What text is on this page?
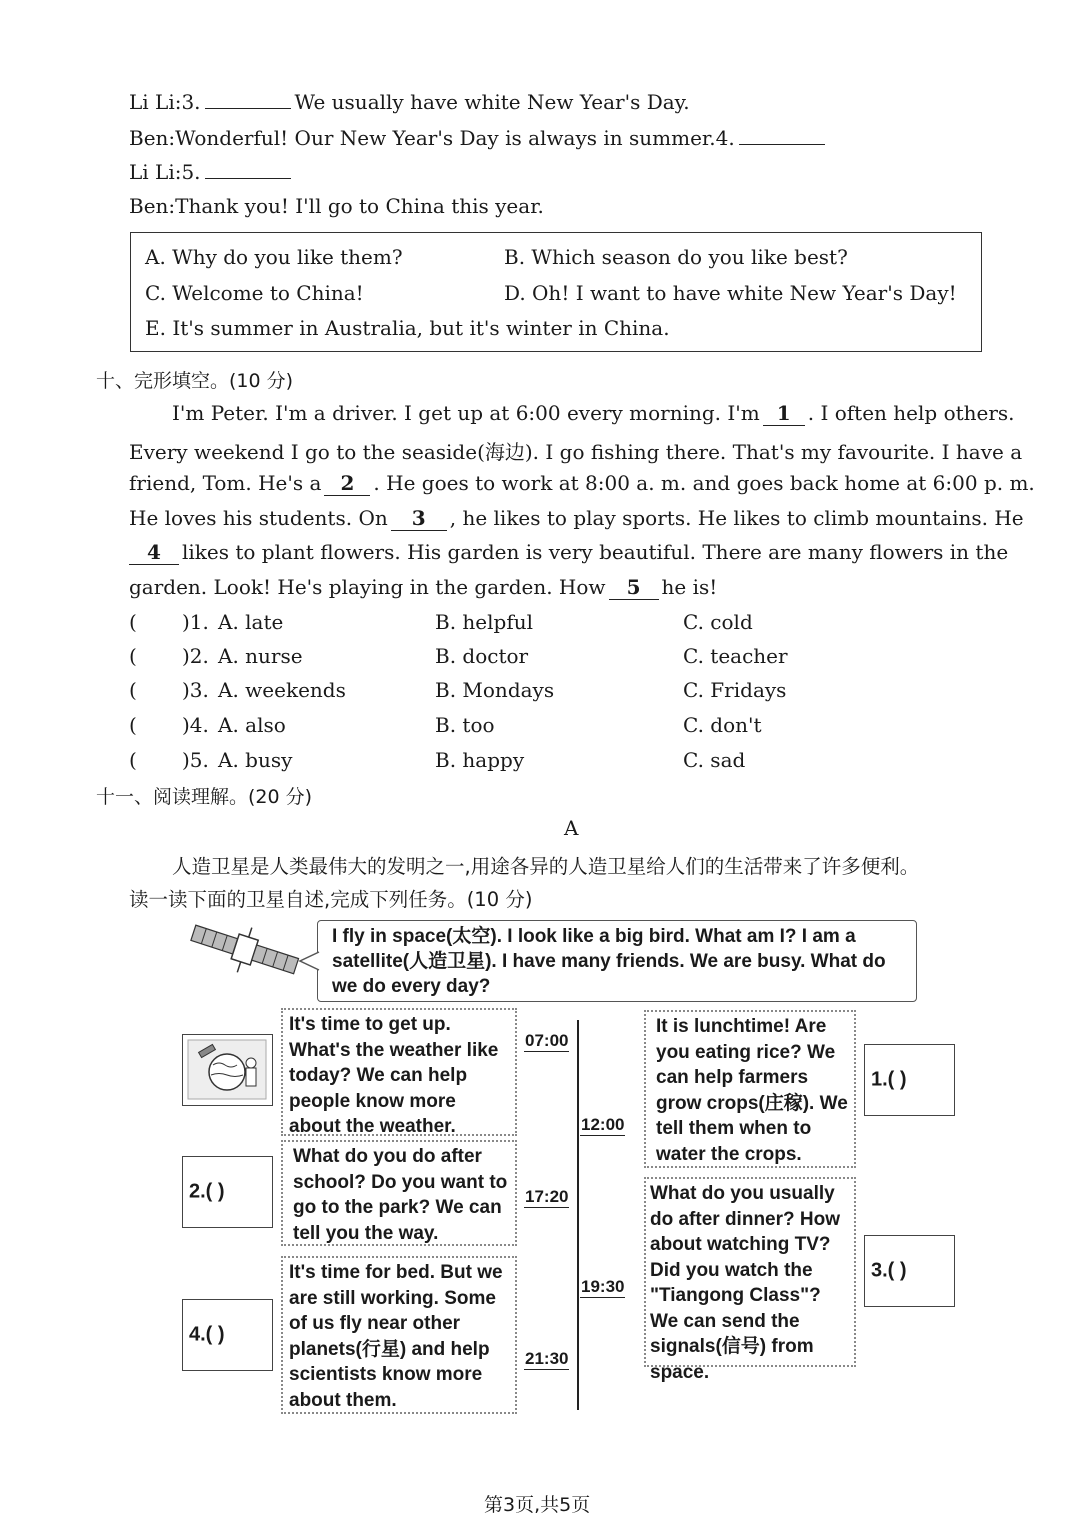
Li Li:3.	We usually have white New Year's Day.
Ben:Wonderful! Our New Year's Day is always in summer.4.
Li Li:5.
Ben:Thank you! I'll go to China this year.
A. Why do you like them?	B. Which season do you like best?
C. Welcome to China!	D. Oh! I want to have white New Year's Day!
E. It's summer in Australia, but it's winter in China.
十、完形填空。(10 分)
I'm Peter. I'm a driver. I get up at 6:00 every morning. I'm 1 . I often help others.
Every weekend I go to the seaside(海边). I go fishing there. That's my favourite. I have a
friend, Tom. He's a 2 . He goes to work at 8:00 a. m. and goes back home at 6:00 p. m.
He loves his students. On 3 , he likes to play sports. He likes to climb mountains. He
4 likes to plant flowers. His garden is very beautiful. There are many flowers in the
garden. Look! He's playing in the garden. How 5 he is!
( )1. A. late	B. helpful	C. cold
( )2. A. nurse	B. doctor	C. teacher
( )3. A. weekends	B. Mondays	C. Fridays
( )4. A. also	B. too	C. don't
( )5. A. busy	B. happy	C. sad
十一、阅读理解。(20 分)
A
人造卫星是人类最伟大的发明之一,用途各异的人造卫星给人们的生活带来了许多便利。
读一读下面的卫星自述,完成下列任务。(10 分)
I fly in space(太空). I look like a big bird. What am I? I am a satellite(人造卫星). I have many friends. We are busy. What do we do every day?
1.( )
2.( )
3.( )
4.( )
It's time to get up. What's the weather like today? We can help people know more about the weather.
What do you do after school? Do you want to go to the park? We can tell you the way.
It's time for bed. But we are still working. Some of us fly near other planets(行星) and help scientists know more about them.
It is lunchtime! Are you eating rice? We can help farmers grow crops(庄稼). We tell them when to water the crops.
What do you usually do after dinner? How about watching TV? Did you watch the "Tiangong Class"? We can send the signals(信号) from space.
07:00
12:00
17:20
19:30
21:30
第3页,共5页
